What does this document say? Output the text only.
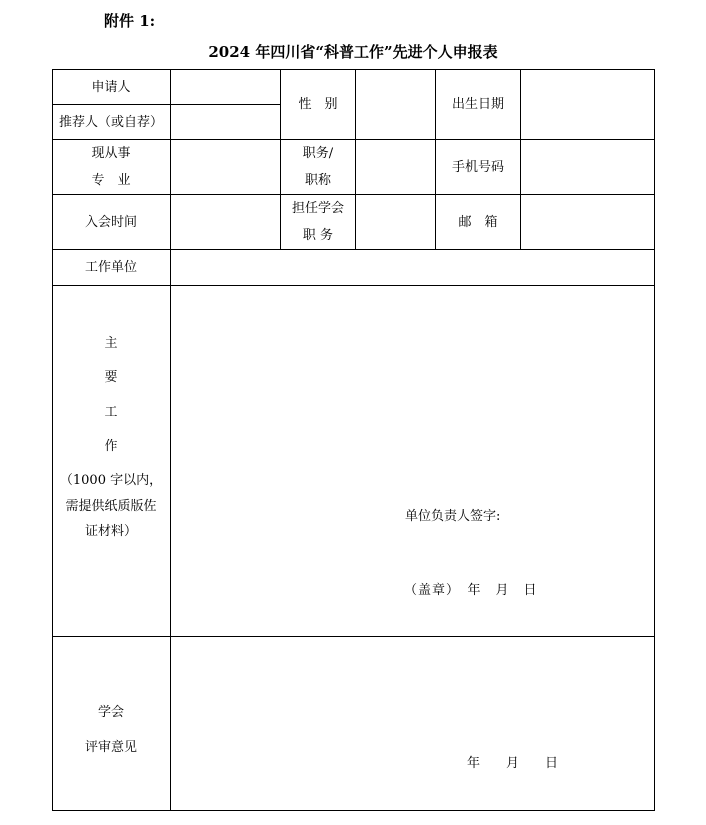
附件 1:
2024 年四川省“科普工作”先进个人申报表
申请人
推荐人（或自荐）
性　别	出生日期
现从事
专　业
职务/
职称
手机号码
入会时间
担任学会
职 务
邮　箱
工作单位
主
要
工
作
（1000 字以内，
需提供纸质版佐
证材料）
单位负责人签字:
（盖章）　年　月　日
学会
评审意见
年　　月　　日
